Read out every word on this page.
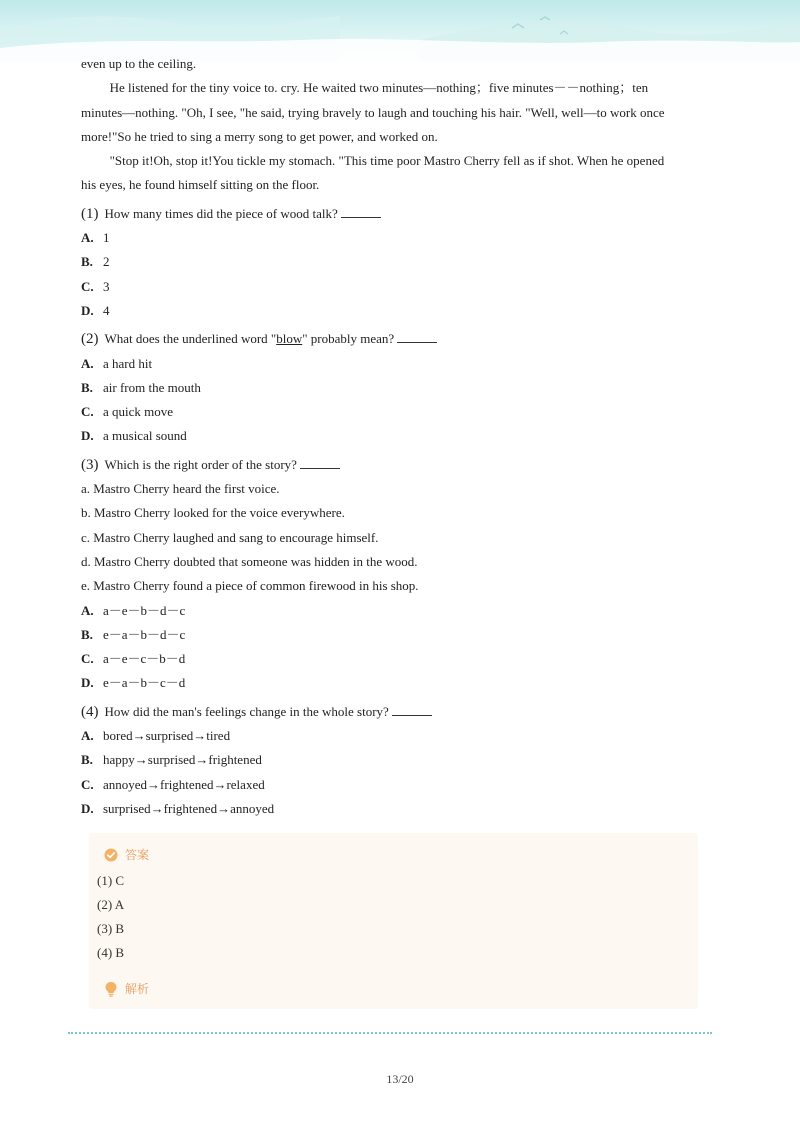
even up to the ceiling.

He listened for the tiny voice to. cry. He waited two minutes—nothing；five minutes－－nothing；ten minutes—nothing. "Oh, I see, "he said, trying bravely to laugh and touching his hair. "Well, well—to work once more!"So he tried to sing a merry song to get power, and worked on.

"Stop it!Oh, stop it!You tickle my stomach. "This time poor Mastro Cherry fell as if shot. When he opened his eyes, he found himself sitting on the floor.

(1) How many times did the piece of wood talk?
A. 1
B. 2
C. 3
D. 4
(2) What does the underlined word "blow" probably mean?
A. a hard hit
B. air from the mouth
C. a quick move
D. a musical sound
(3) Which is the right order of the story?
a. Mastro Cherry heard the first voice.
b. Mastro Cherry looked for the voice everywhere.
c. Mastro Cherry laughed and sang to encourage himself.
d. Mastro Cherry doubted that someone was hidden in the wood.
e. Mastro Cherry found a piece of common firewood in his shop.
A. a－e－b－d－c
B. e－a－b－d－c
C. a－e－c－b－d
D. e－a－b－c－d
(4) How did the man's feelings change in the whole story?
A. bored→surprised→tired
B. happy→surprised→frightened
C. annoyed→frightened→relaxed
D. surprised→frightened→annoyed
答案
(1) C
(2) A
(3) B
(4) B
解析
13/20
